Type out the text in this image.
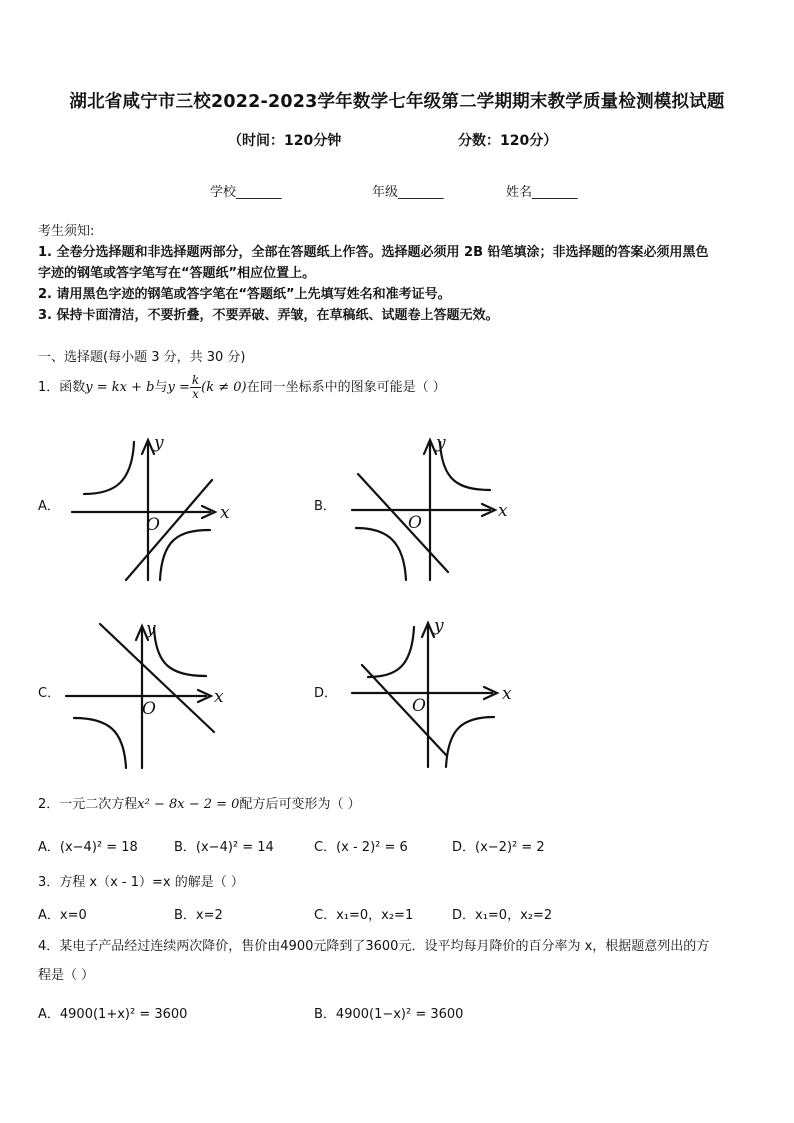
湖北省咸宁市三校2022-2023学年数学七年级第二学期期末教学质量检测模拟试题
（时间：120分钟	分数：120分）
学校_______	年级_______	姓名_______
考生须知:
1. 全卷分选择题和非选择题两部分，全部在答题纸上作答。选择题必须用 2B 铅笔填涂；非选择题的答案必须用黑色
字迹的钢笔或答字笔写在“答题纸”相应位置上。
2. 请用黑色字迹的钢笔或答字笔在“答题纸”上先填写姓名和准考证号。
3. 保持卡面清洁，不要折叠，不要弄破、弄皱，在草稿纸、试题卷上答题无效。
一、选择题(每小题 3 分，共 30 分)
1．函数y = kx + b与$y = \frac{k}{x} (k \ne 0)$在同一坐标系中的图象可能是（ ）
A．	x
y
O
B．	x
y
O
C．	x
y
O
D．	x
y
O
2．一元二次方程x² − 8x − 2 = 0配方后可变形为（ ）
A．(x−4)² = 18	B．(x−4)² = 14	C．(x - 2)² = 6	D．(x−2)² = 2
3．方程 x（x - 1）=x 的解是（ ）
A．x=0	B．x=2	C．x₁=0，x₂=1	D．x₁=0，x₂=2
4．某电子产品经过连续两次降价，售价由4900元降到了3600元．设平均每月降价的百分率为 x，根据题意列出的方
程是（ ）
A．4900(1+x)² = 3600	B．4900(1−x)² = 3600
